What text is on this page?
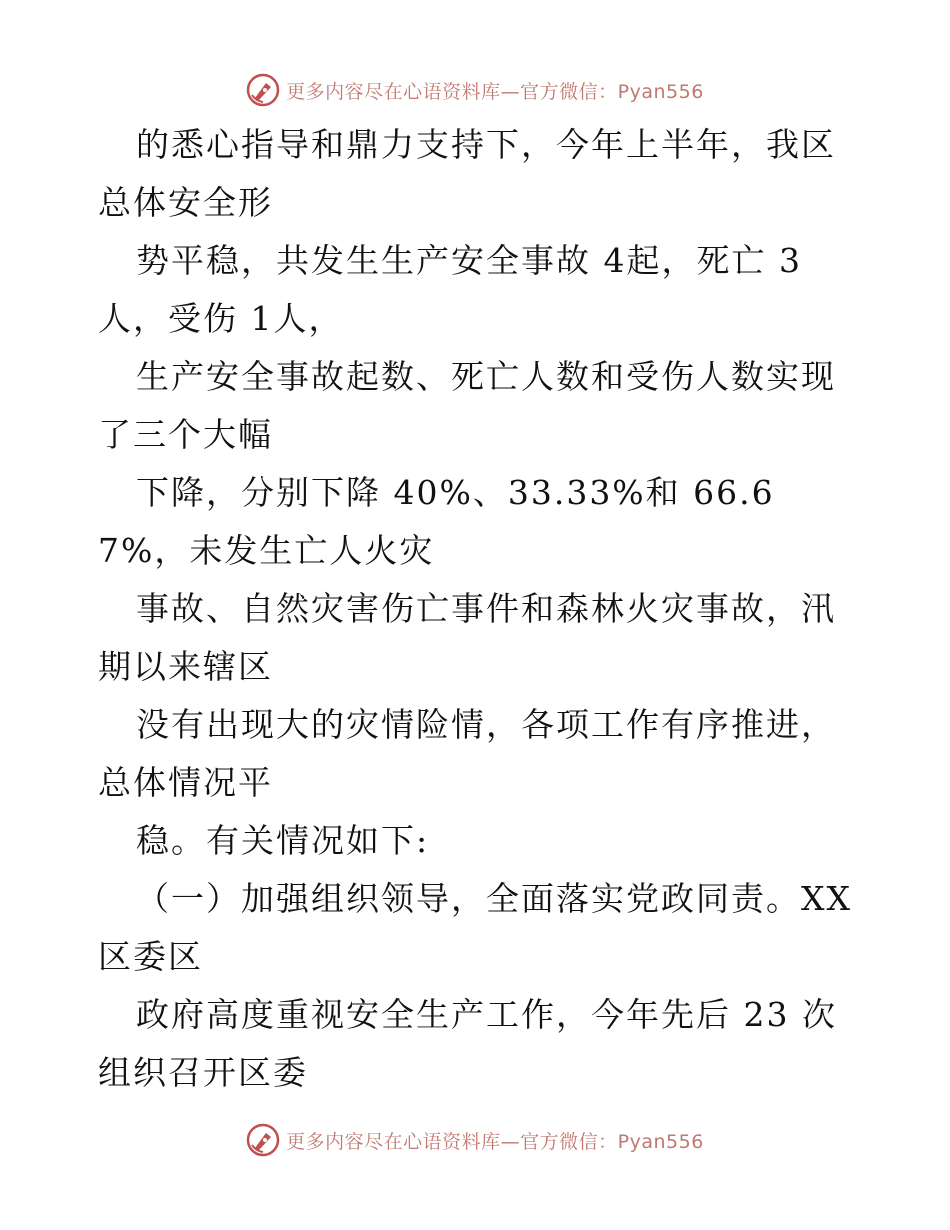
更多内容尽在心语资料库—官方微信：Pyan556

的悉心指导和鼎力支持下，今年上半年，我区总体安全形

势平稳，共发生生产安全事故 4起，死亡 3人，受伤 1人，

生产安全事故起数、死亡人数和受伤人数实现了三个大幅

下降，分别下降 40%、33.33%和 66.67%，未发生亡人火灾

事故、自然灾害伤亡事件和森林火灾事故，汛期以来辖区

没有出现大的灾情险情，各项工作有序推进，总体情况平

稳。有关情况如下:

（一）加强组织领导，全面落实党政同责。XX区委区

政府高度重视安全生产工作，今年先后 23 次组织召开区委

更多内容尽在心语资料库—官方微信：Pyan556
